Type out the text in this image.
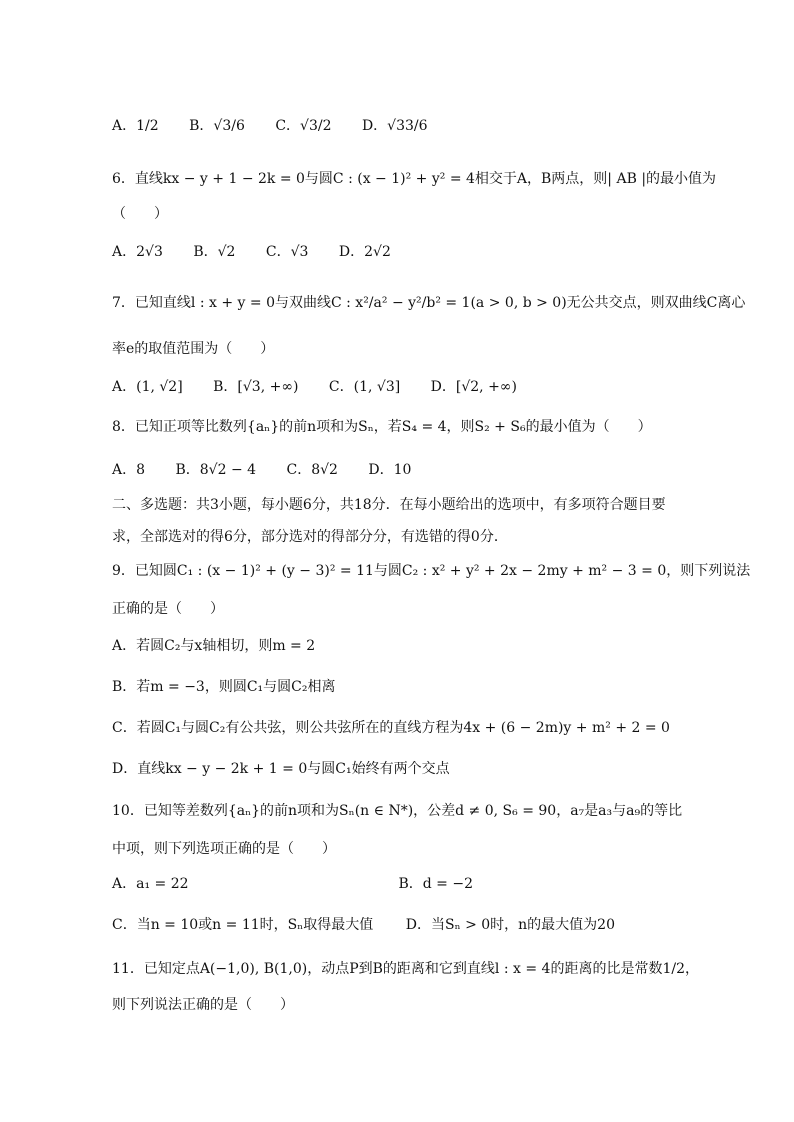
A．1/2 B．√3/6 C．√3/2 D．√33/6
6．直线kx − y + 1 − 2k = 0与圆C : (x − 1)² + y² = 4相交于A，B两点，则| AB |的最小值为
（　　）
A．2√3 B．√2 C．√3 D．2√2
7．已知直线l : x + y = 0与双曲线C : x²/a² − y²/b² = 1(a > 0, b > 0)无公共交点，则双曲线C离心
率e的取值范围为（　　）
A．(1, √2] B．[√3, +∞) C．(1, √3] D．[√2, +∞)
8．已知正项等比数列{aₙ}的前n项和为Sₙ，若S₄ = 4，则S₂ + S₆的最小值为（　　）
A．8 B．8√2 − 4 C．8√2 D．10
二、多选题：共3小题，每小题6分，共18分．在每小题给出的选项中，有多项符合题目要
求，全部选对的得6分，部分选对的得部分分，有选错的得0分．
9．已知圆C₁ : (x − 1)² + (y − 3)² = 11与圆C₂ : x² + y² + 2x − 2my + m² − 3 = 0，则下列说法
正确的是（　　）
A．若圆C₂与x轴相切，则m = 2
B．若m = −3，则圆C₁与圆C₂相离
C．若圆C₁与圆C₂有公共弦，则公共弦所在的直线方程为4x + (6 − 2m)y + m² + 2 = 0
D．直线kx − y − 2k + 1 = 0与圆C₁始终有两个交点
10．已知等差数列{aₙ}的前n项和为Sₙ(n ∈ N*)，公差d ≠ 0, S₆ = 90，a₇是a₃与a₉的等比
中项，则下列选项正确的是（　　）
A．a₁ = 22	B．d = −2
C．当n = 10或n = 11时，Sₙ取得最大值 D．当Sₙ > 0时，n的最大值为20
11．已知定点A(−1,0), B(1,0)，动点P到B的距离和它到直线l : x = 4的距离的比是常数1/2，
则下列说法正确的是（　　）
